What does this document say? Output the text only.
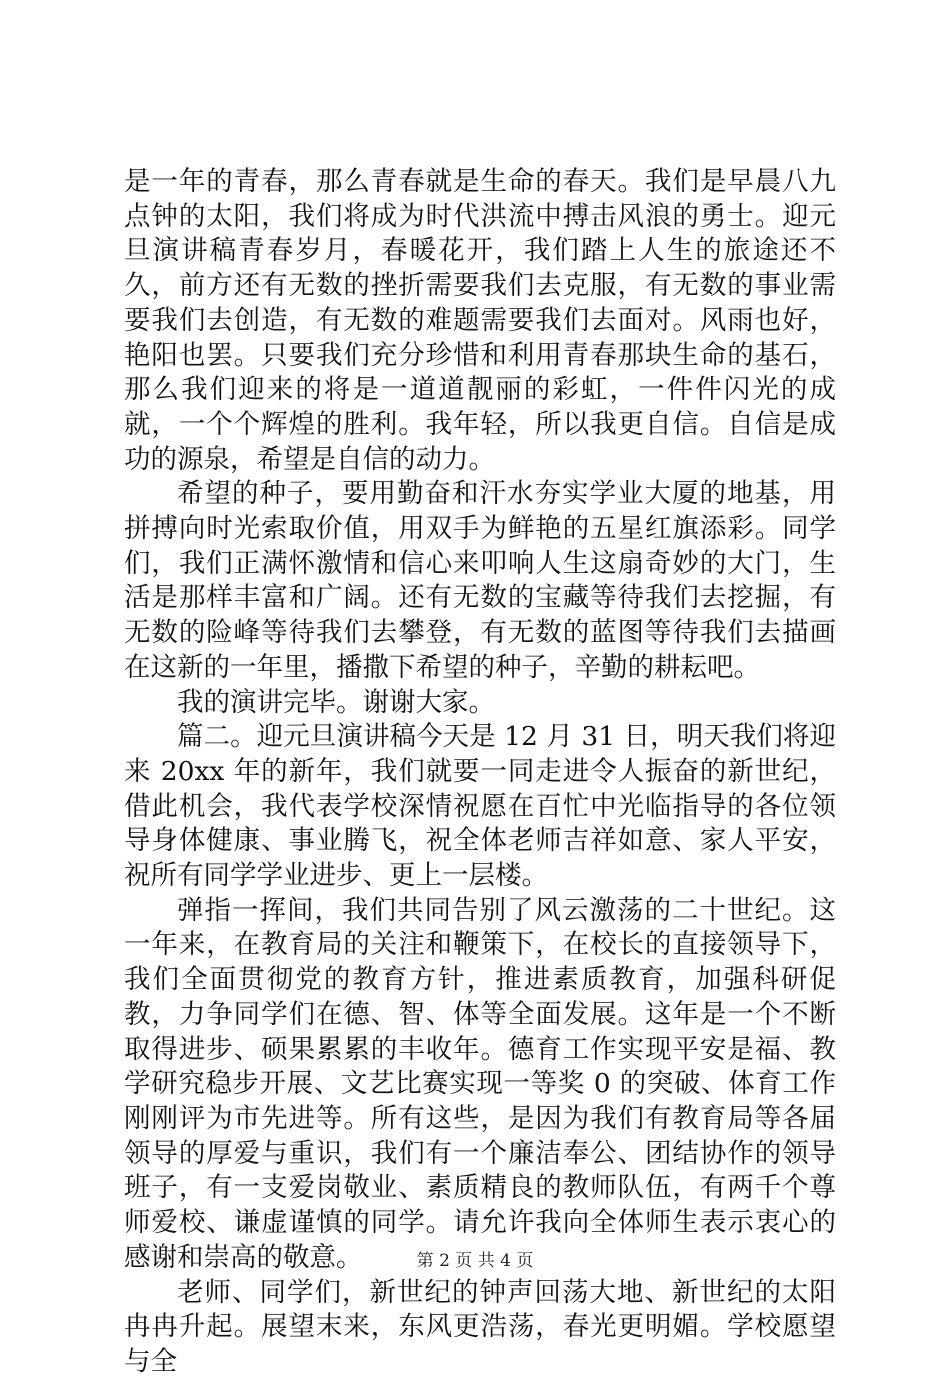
是一年的青春，那么青春就是生命的春天。我们是早晨八九点钟的太阳，我们将成为时代洪流中搏击风浪的勇士。迎元旦演讲稿青春岁月，春暖花开，我们踏上人生的旅途还不久，前方还有无数的挫折需要我们去克服，有无数的事业需要我们去创造，有无数的难题需要我们去面对。风雨也好，艳阳也罢。只要我们充分珍惜和利用青春那块生命的基石，那么我们迎来的将是一道道靓丽的彩虹，一件件闪光的成就，一个个辉煌的胜利。我年轻，所以我更自信。自信是成功的源泉，希望是自信的动力。

希望的种子，要用勤奋和汗水夯实学业大厦的地基，用拼搏向时光索取价值，用双手为鲜艳的五星红旗添彩。同学们，我们正满怀激情和信心来叩响人生这扇奇妙的大门，生活是那样丰富和广阔。还有无数的宝藏等待我们去挖掘，有无数的险峰等待我们去攀登，有无数的蓝图等待我们去描画在这新的一年里，播撒下希望的种子，辛勤的耕耘吧。

我的演讲完毕。谢谢大家。

篇二。迎元旦演讲稿今天是 12 月 31 日，明天我们将迎来 20xx 年的新年，我们就要一同走进令人振奋的新世纪，借此机会，我代表学校深情祝愿在百忙中光临指导的各位领导身体健康、事业腾飞，祝全体老师吉祥如意、家人平安，祝所有同学学业进步、更上一层楼。

弹指一挥间，我们共同告别了风云激荡的二十世纪。这一年来，在教育局的关注和鞭策下，在校长的直接领导下，我们全面贯彻党的教育方针，推进素质教育，加强科研促教，力争同学们在德、智、体等全面发展。这年是一个不断取得进步、硕果累累的丰收年。德育工作实现平安是福、教学研究稳步开展、文艺比赛实现一等奖 0 的突破、体育工作刚刚评为市先进等。所有这些，是因为我们有教育局等各届领导的厚爱与重识，我们有一个廉洁奉公、团结协作的领导班子，有一支爱岗敬业、素质精良的教师队伍，有两千个尊师爱校、谦虚谨慎的同学。请允许我向全体师生表示衷心的感谢和崇高的敬意。

老师、同学们，新世纪的钟声回荡大地、新世纪的太阳冉冉升起。展望末来，东风更浩荡，春光更明媚。学校愿望与全

第 2 页 共 4 页
